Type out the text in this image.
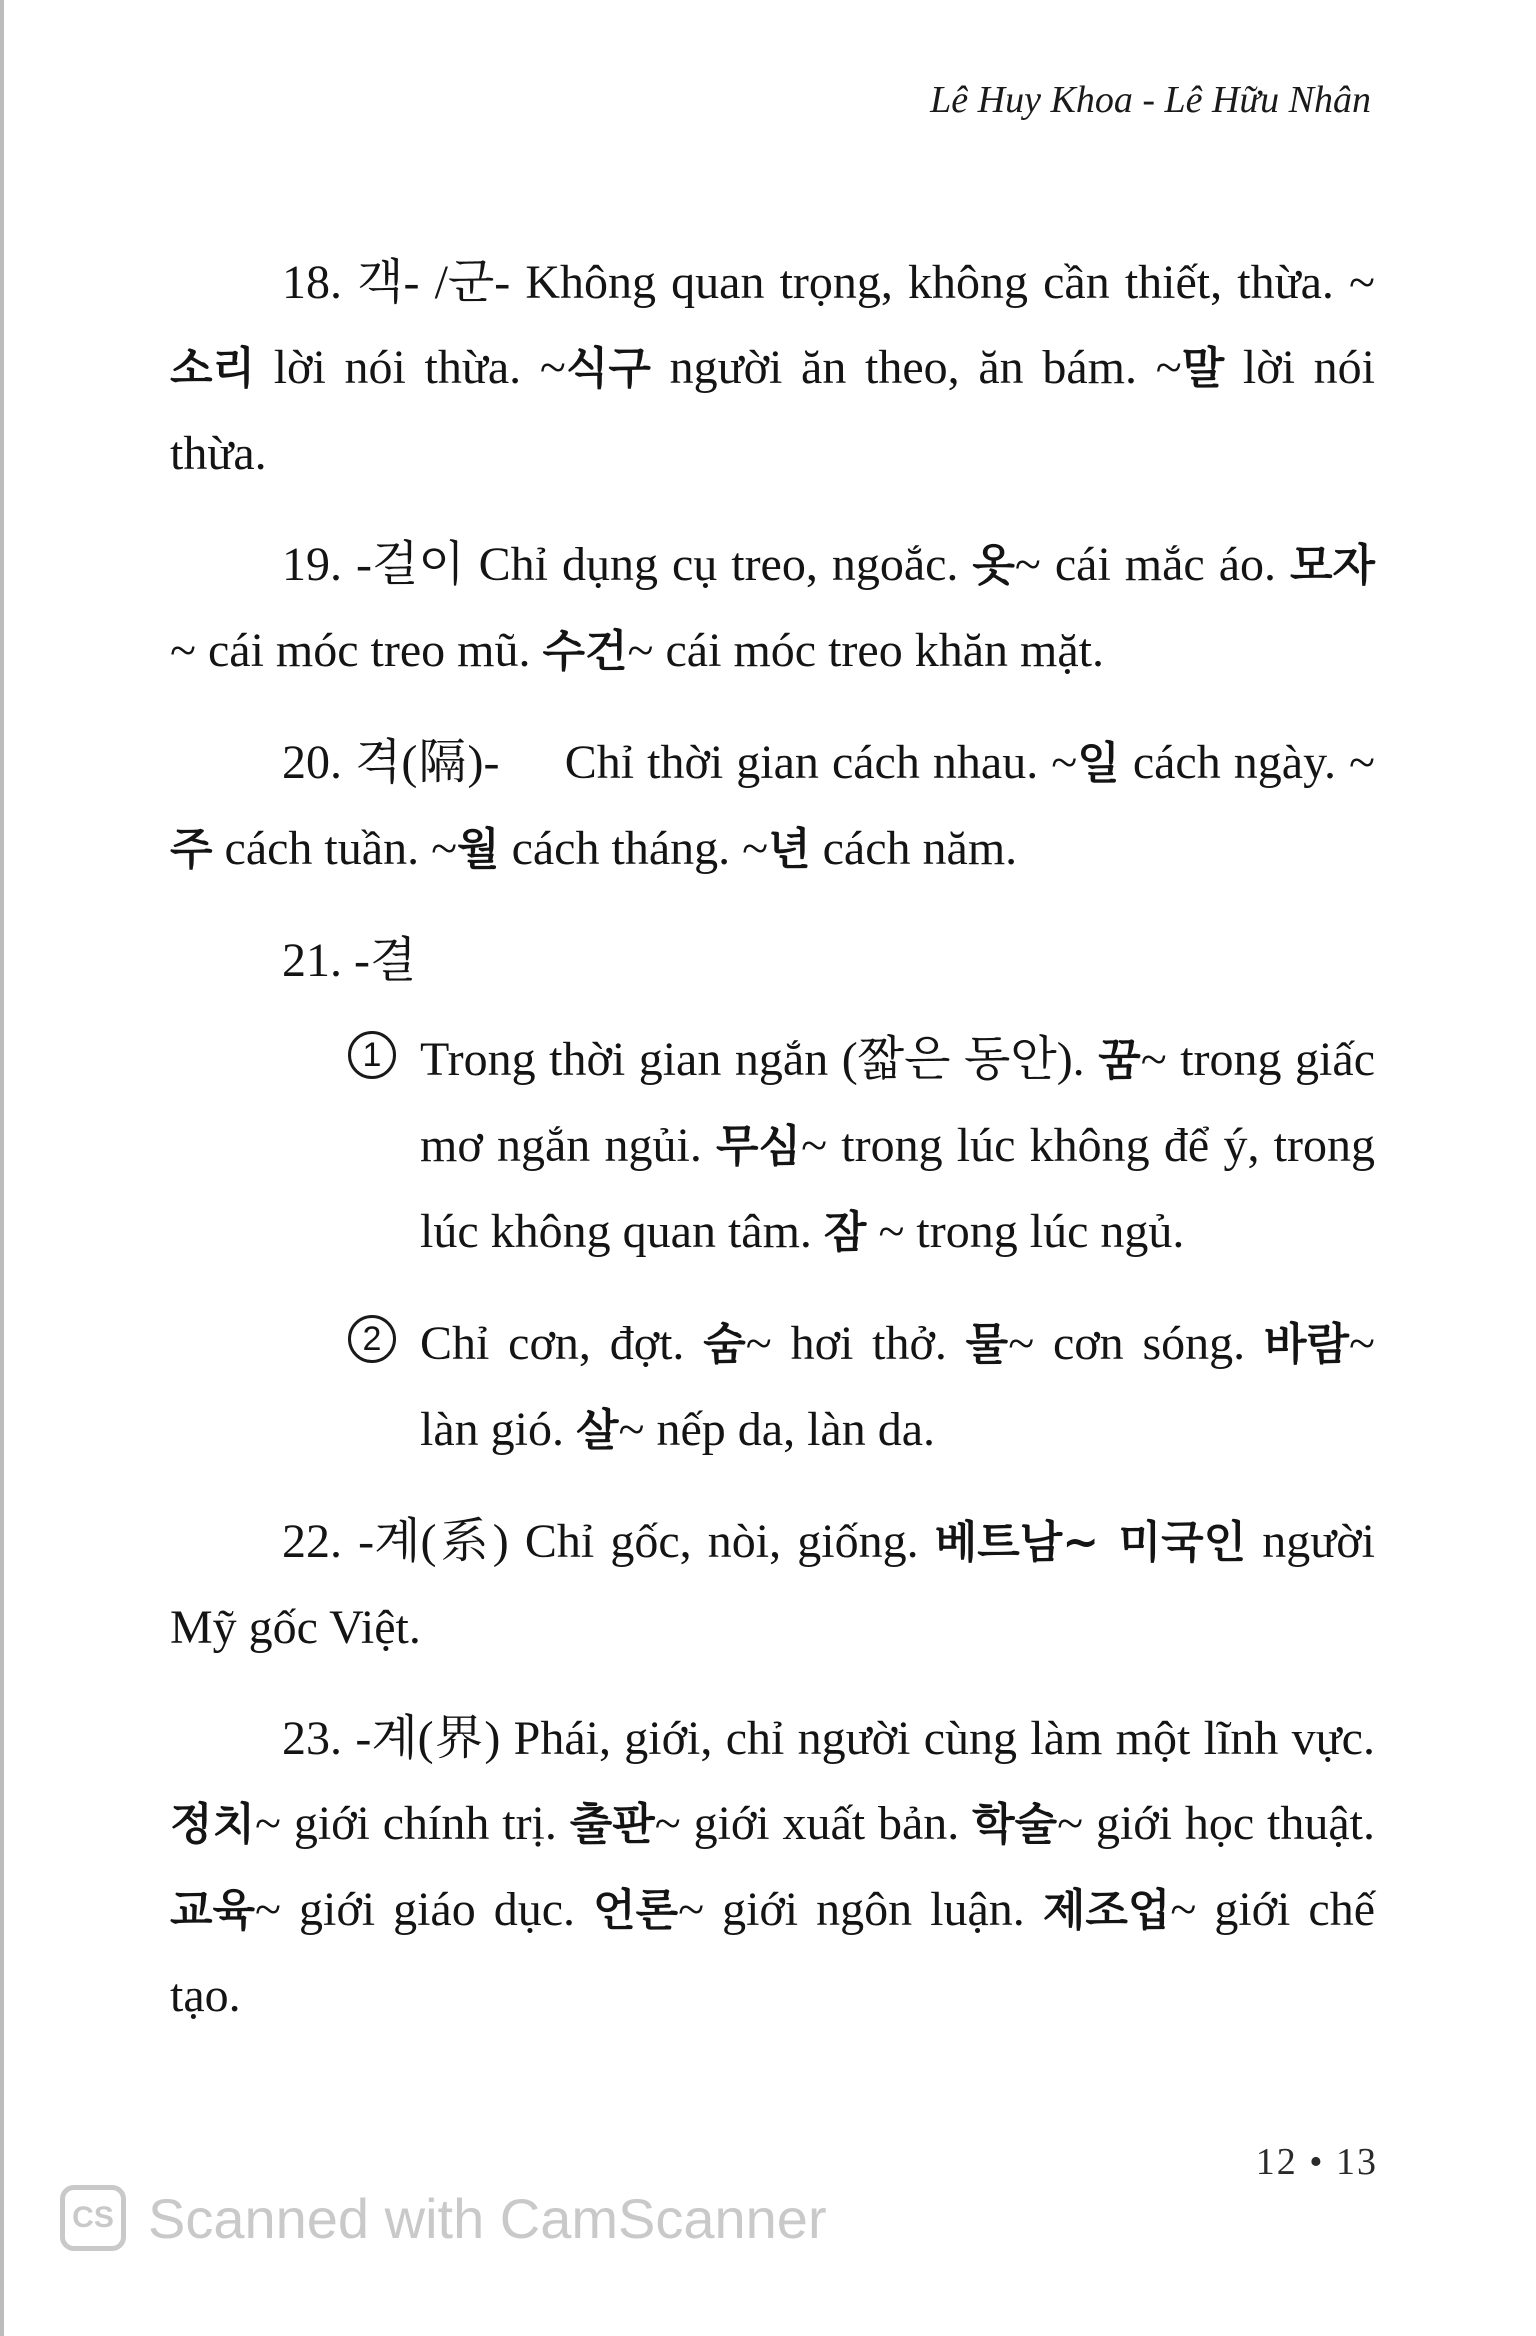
Lê Huy Khoa - Lê Hữu Nhân

18. 객- /군- Không quan trọng, không cần thiết, thừa. ~소리 lời nói thừa. ~식구 người ăn theo, ăn bám. ~말 lời nói thừa.

19. -걸이 Chỉ dụng cụ treo, ngoắc. 옷~ cái mắc áo. 모자~ cái móc treo mũ. 수건~ cái móc treo khăn mặt.

20. 격(隔)-     Chỉ thời gian cách nhau. ~일 cách ngày. ~주 cách tuần. ~월 cách tháng. ~년 cách năm.

21. -결

1 Trong thời gian ngắn (짧은 동안). 꿈~ trong giấc mơ ngắn ngủi. 무심~ trong lúc không để ý, trong lúc không quan tâm. 잠 ~ trong lúc ngủ.

2 Chỉ cơn, đợt. 숨~ hơi thở. 물~ cơn sóng. 바람~ làn gió. 살~ nếp da, làn da.

22. -계(系) Chỉ gốc, nòi, giống. 베트남~ 미국인 người Mỹ gốc Việt.

23. -계(界) Phái, giới, chỉ người cùng làm một lĩnh vực. 정치~ giới chính trị. 출판~ giới xuất bản. 학술~ giới học thuật. 교육~ giới giáo dục. 언론~ giới ngôn luận. 제조업~ giới chế tạo.

12 • 13
CS Scanned with CamScanner
